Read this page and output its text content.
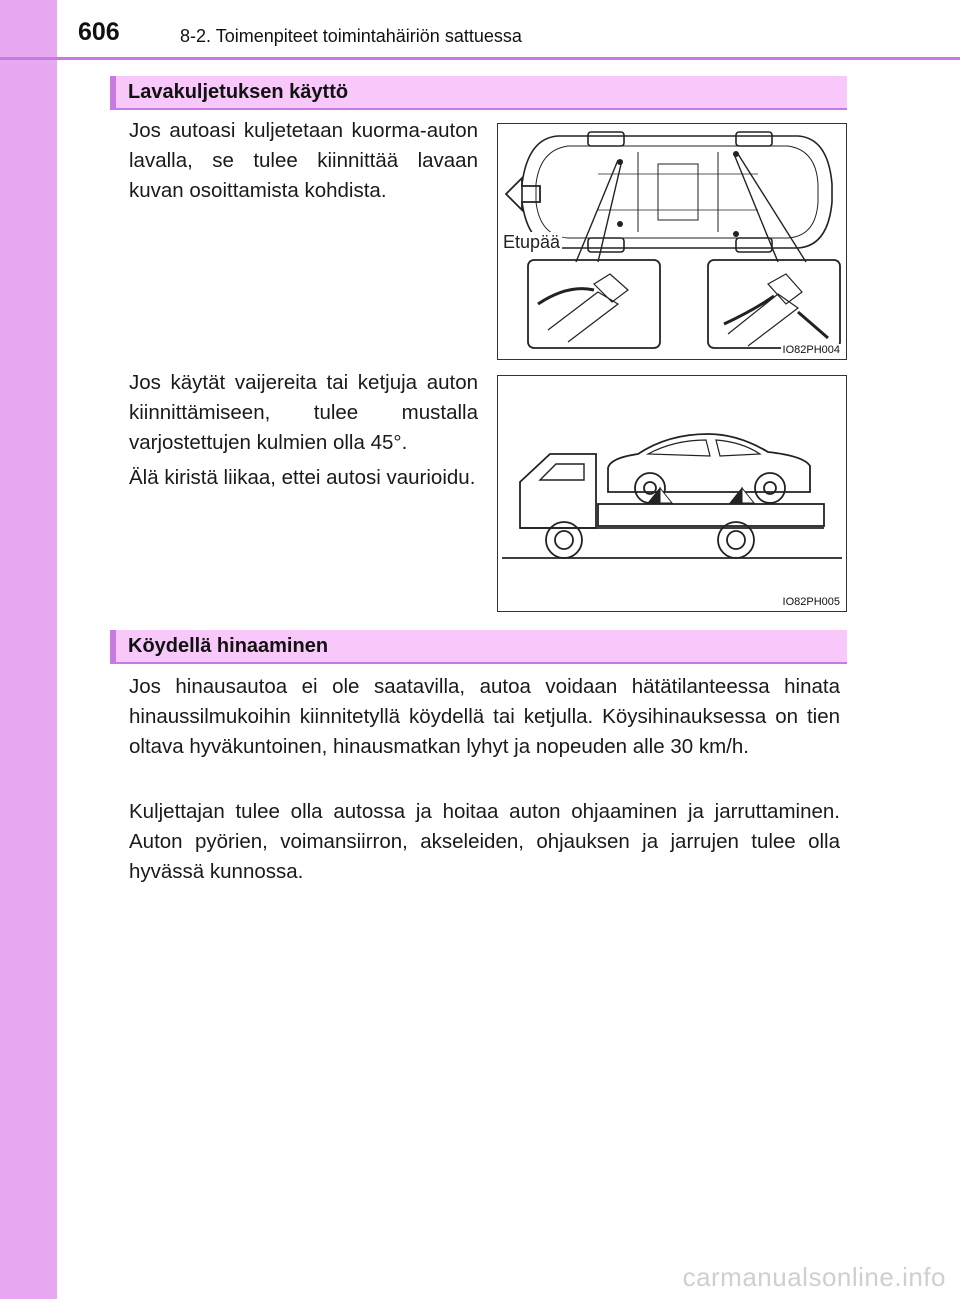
606	8-2. Toimenpiteet toimintahäiriön sattuessa
Lavakuljetuksen käyttö

Jos autoasi kuljetetaan kuorma-auton lavalla, se tulee kiinnittää lavaan kuvan osoittamista kohdista.

Jos käytät vaijereita tai ketjuja auton kiinnittämiseen, tulee mustalla varjostettujen kulmien olla 45°.

Älä kiristä liikaa, ettei autosi vaurioidu.

Etupää
IO82PH004
IO82PH005
Köydellä hinaaminen

Jos hinausautoa ei ole saatavilla, autoa voidaan hätätilanteessa hinata hinaussilmukoihin kiinnitetyllä köydellä tai ketjulla. Köysihinauksessa on tien oltava hyväkuntoinen, hinausmatkan lyhyt ja nopeuden alle 30 km/h.

Kuljettajan tulee olla autossa ja hoitaa auton ohjaaminen ja jarruttaminen. Auton pyörien, voimansiirron, akseleiden, ohjauksen ja jarrujen tulee olla hyvässä kunnossa.

carmanualsonline.info
